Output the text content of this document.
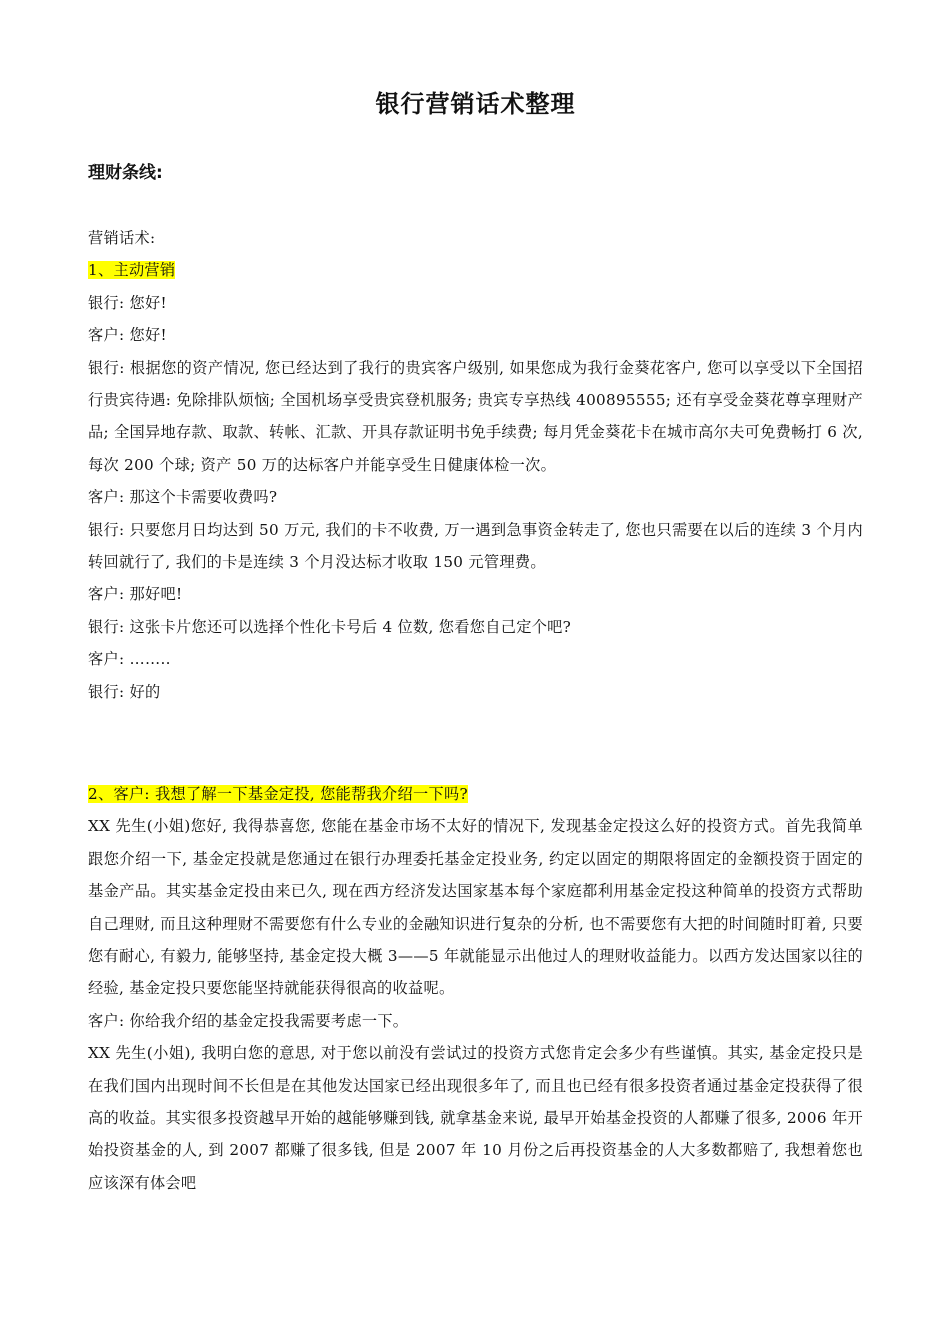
银行营销话术整理
理财条线:

营销话术:

1、主动营销

银行: 您好!

客户: 您好!

银行: 根据您的资产情况, 您已经达到了我行的贵宾客户级别, 如果您成为我行金葵花客户, 您可以享受以下全国招行贵宾待遇: 免除排队烦恼; 全国机场享受贵宾登机服务; 贵宾专享热线 400895555; 还有享受金葵花尊享理财产品; 全国异地存款、取款、转帐、汇款、开具存款证明书免手续费; 每月凭金葵花卡在城市高尔夫可免费畅打 6 次, 每次 200 个球; 资产 50 万的达标客户并能享受生日健康体检一次。

客户: 那这个卡需要收费吗?

银行: 只要您月日均达到 50 万元, 我们的卡不收费, 万一遇到急事资金转走了, 您也只需要在以后的连续 3 个月内转回就行了, 我们的卡是连续 3 个月没达标才收取 150 元管理费。

客户: 那好吧!

银行: 这张卡片您还可以选择个性化卡号后 4 位数, 您看您自己定个吧?

客户: ……..

银行: 好的

2、客户: 我想了解一下基金定投, 您能帮我介绍一下吗?

XX 先生(小姐)您好, 我得恭喜您, 您能在基金市场不太好的情况下, 发现基金定投这么好的投资方式。首先我简单跟您介绍一下, 基金定投就是您通过在银行办理委托基金定投业务, 约定以固定的期限将固定的金额投资于固定的基金产品。其实基金定投由来已久, 现在西方经济发达国家基本每个家庭都利用基金定投这种简单的投资方式帮助自己理财, 而且这种理财不需要您有什么专业的金融知识进行复杂的分析, 也不需要您有大把的时间随时盯着, 只要您有耐心, 有毅力, 能够坚持, 基金定投大概 3——5 年就能显示出他过人的理财收益能力。以西方发达国家以往的经验, 基金定投只要您能坚持就能获得很高的收益呢。

客户: 你给我介绍的基金定投我需要考虑一下。

XX 先生(小姐), 我明白您的意思, 对于您以前没有尝试过的投资方式您肯定会多少有些谨慎。其实, 基金定投只是在我们国内出现时间不长但是在其他发达国家已经出现很多年了, 而且也已经有很多投资者通过基金定投获得了很高的收益。其实很多投资越早开始的越能够赚到钱, 就拿基金来说, 最早开始基金投资的人都赚了很多, 2006 年开始投资基金的人, 到 2007 都赚了很多钱, 但是 2007 年 10 月份之后再投资基金的人大多数都赔了, 我想着您也应该深有体会吧
